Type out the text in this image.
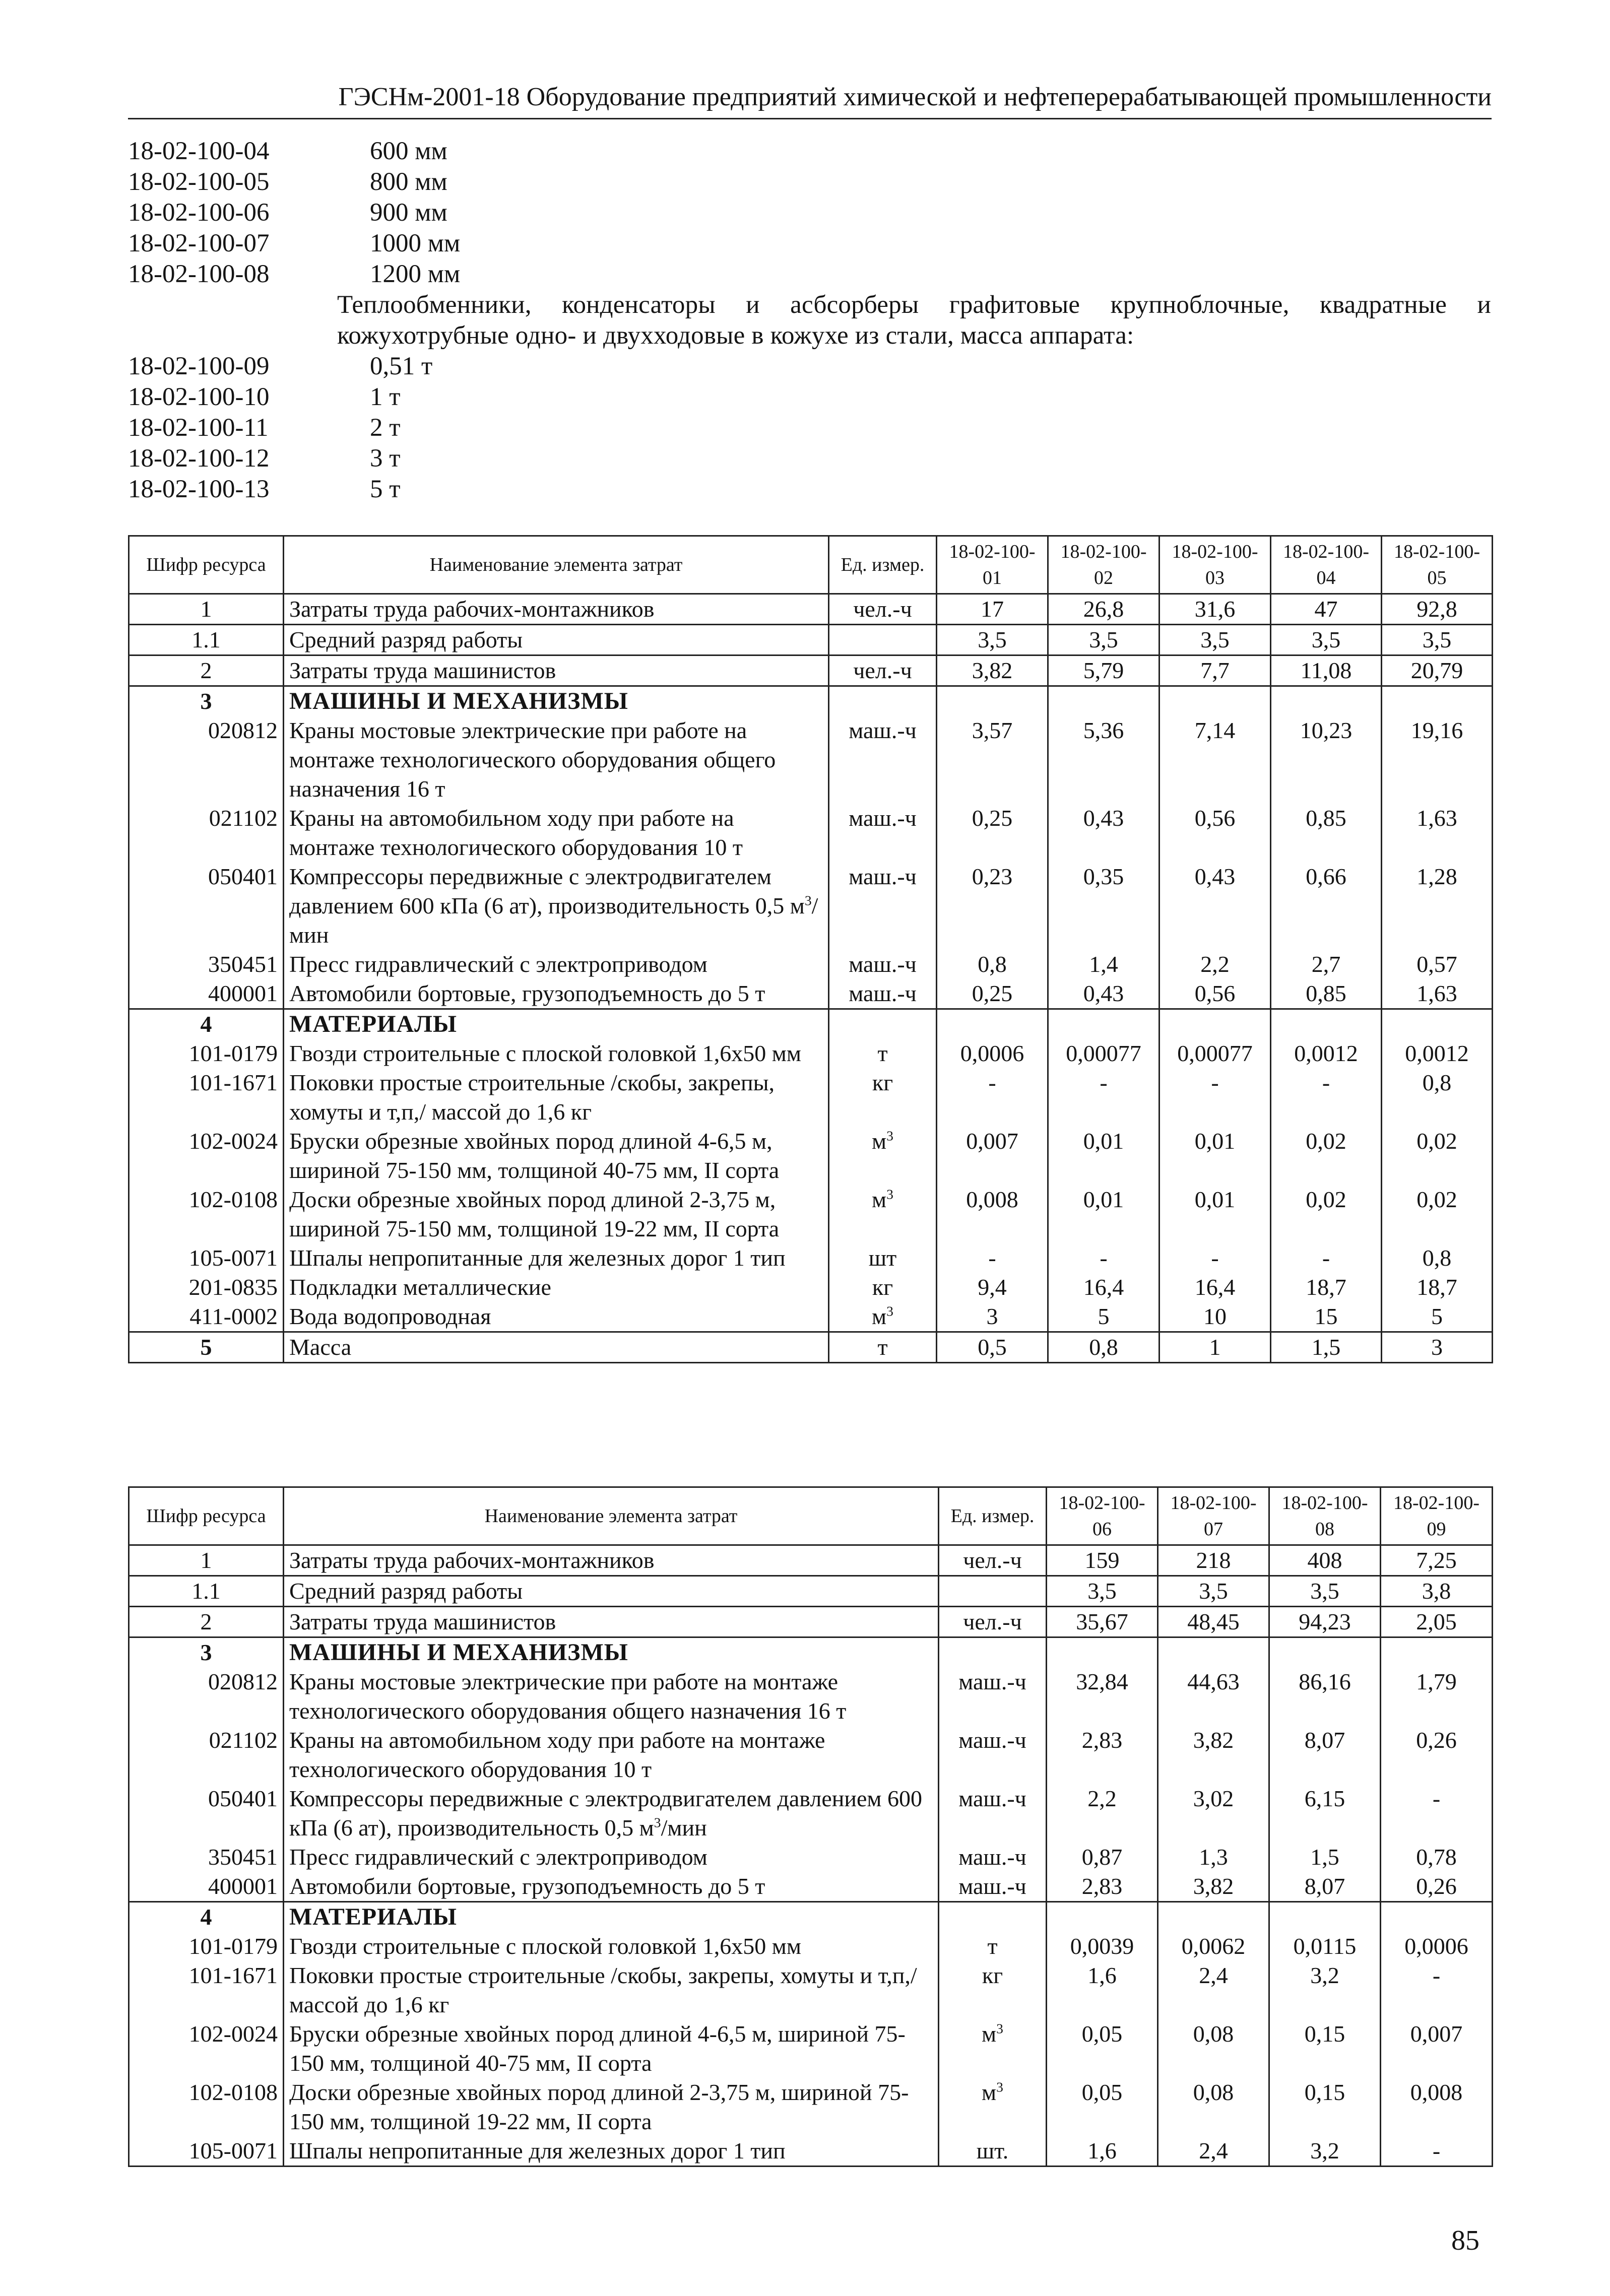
ГЭСНм-2001-18 Оборудование предприятий химической и нефтеперерабатывающей промышленности
18-02-100-04	600 мм
18-02-100-05	800 мм
18-02-100-06	900 мм
18-02-100-07	1000 мм
18-02-100-08	1200 мм
Теплообменники, конденсаторы и асбсорберы графитовые крупноблочные, квадратные и кожухотрубные одно- и двухходовые в кожухе из стали, масса аппарата:
18-02-100-09	0,51 т
18-02-100-10	1 т
18-02-100-11	2 т
18-02-100-12	3 т
18-02-100-13	5 т
Шифр ресурса	Наименование элемента затрат	Ед. измер.	18-02-100-01	18-02-100-02	18-02-100-03	18-02-100-04	18-02-100-05
1	Затраты труда рабочих-монтажников	чел.-ч	17	26,8	31,6	47	92,8
1.1	Средний разряд работы		3,5	3,5	3,5	3,5	3,5
2	Затраты труда машинистов	чел.-ч	3,82	5,79	7,7	11,08	20,79
3	МАШИНЫ И МЕХАНИЗМЫ						
020812	Краны мостовые электрические при работе на монтаже технологического оборудования общего назначения 16 т	маш.-ч	3,57	5,36	7,14	10,23	19,16
021102	Краны на автомобильном ходу при работе на монтаже технологического оборудования 10 т	маш.-ч	0,25	0,43	0,56	0,85	1,63
050401	Компрессоры передвижные с электродвигателем давлением 600 кПа (6 ат), производительность 0,5 $м^3$/мин	маш.-ч	0,23	0,35	0,43	0,66	1,28
350451	Пресс гидравлический с электроприводом	маш.-ч	0,8	1,4	2,2	2,7	0,57
400001	Автомобили бортовые, грузоподъемность до 5 т	маш.-ч	0,25	0,43	0,56	0,85	1,63
4	МАТЕРИАЛЫ						
101-0179	Гвозди строительные с плоской головкой 1,6х50 мм	т	0,0006	0,00077	0,00077	0,0012	0,0012
101-1671	Поковки простые строительные /скобы, закрепы, хомуты и т,п,/ массой до 1,6 кг	кг	-	-	-	-	0,8
102-0024	Бруски обрезные хвойных пород длиной 4-6,5 м, шириной 75-150 мм, толщиной 40-75 мм, II сорта	$м^3$	0,007	0,01	0,01	0,02	0,02
102-0108	Доски обрезные хвойных пород длиной 2-3,75 м, шириной 75-150 мм, толщиной 19-22 мм, II сорта	$м^3$	0,008	0,01	0,01	0,02	0,02
105-0071	Шпалы непропитанные для железных дорог 1 тип	шт	-	-	-	-	0,8
201-0835	Подкладки металлические	кг	9,4	16,4	16,4	18,7	18,7
411-0002	Вода водопроводная	$м^3$	3	5	10	15	5
5	Масса	т	0,5	0,8	1	1,5	3
Шифр ресурса	Наименование элемента затрат	Ед. измер.	18-02-100-06	18-02-100-07	18-02-100-08	18-02-100-09
1	Затраты труда рабочих-монтажников	чел.-ч	159	218	408	7,25
1.1	Средний разряд работы		3,5	3,5	3,5	3,8
2	Затраты труда машинистов	чел.-ч	35,67	48,45	94,23	2,05
3	МАШИНЫ И МЕХАНИЗМЫ					
020812	Краны мостовые электрические при работе на монтаже технологического оборудования общего назначения 16 т	маш.-ч	32,84	44,63	86,16	1,79
021102	Краны на автомобильном ходу при работе на монтаже технологического оборудования 10 т	маш.-ч	2,83	3,82	8,07	0,26
050401	Компрессоры передвижные с электродвигателем давлением 600 кПа (6 ат), производительность 0,5 $м^3$/мин	маш.-ч	2,2	3,02	6,15	-
350451	Пресс гидравлический с электроприводом	маш.-ч	0,87	1,3	1,5	0,78
400001	Автомобили бортовые, грузоподъемность до 5 т	маш.-ч	2,83	3,82	8,07	0,26
4	МАТЕРИАЛЫ					
101-0179	Гвозди строительные с плоской головкой 1,6х50 мм	т	0,0039	0,0062	0,0115	0,0006
101-1671	Поковки простые строительные /скобы, закрепы, хомуты и т,п,/ массой до 1,6 кг	кг	1,6	2,4	3,2	-
102-0024	Бруски обрезные хвойных пород длиной 4-6,5 м, шириной 75-150 мм, толщиной 40-75 мм, II сорта	$м^3$	0,05	0,08	0,15	0,007
102-0108	Доски обрезные хвойных пород длиной 2-3,75 м, шириной 75-150 мм, толщиной 19-22 мм, II сорта	$м^3$	0,05	0,08	0,15	0,008
105-0071	Шпалы непропитанные для железных дорог 1 тип	шт.	1,6	2,4	3,2	-
85
